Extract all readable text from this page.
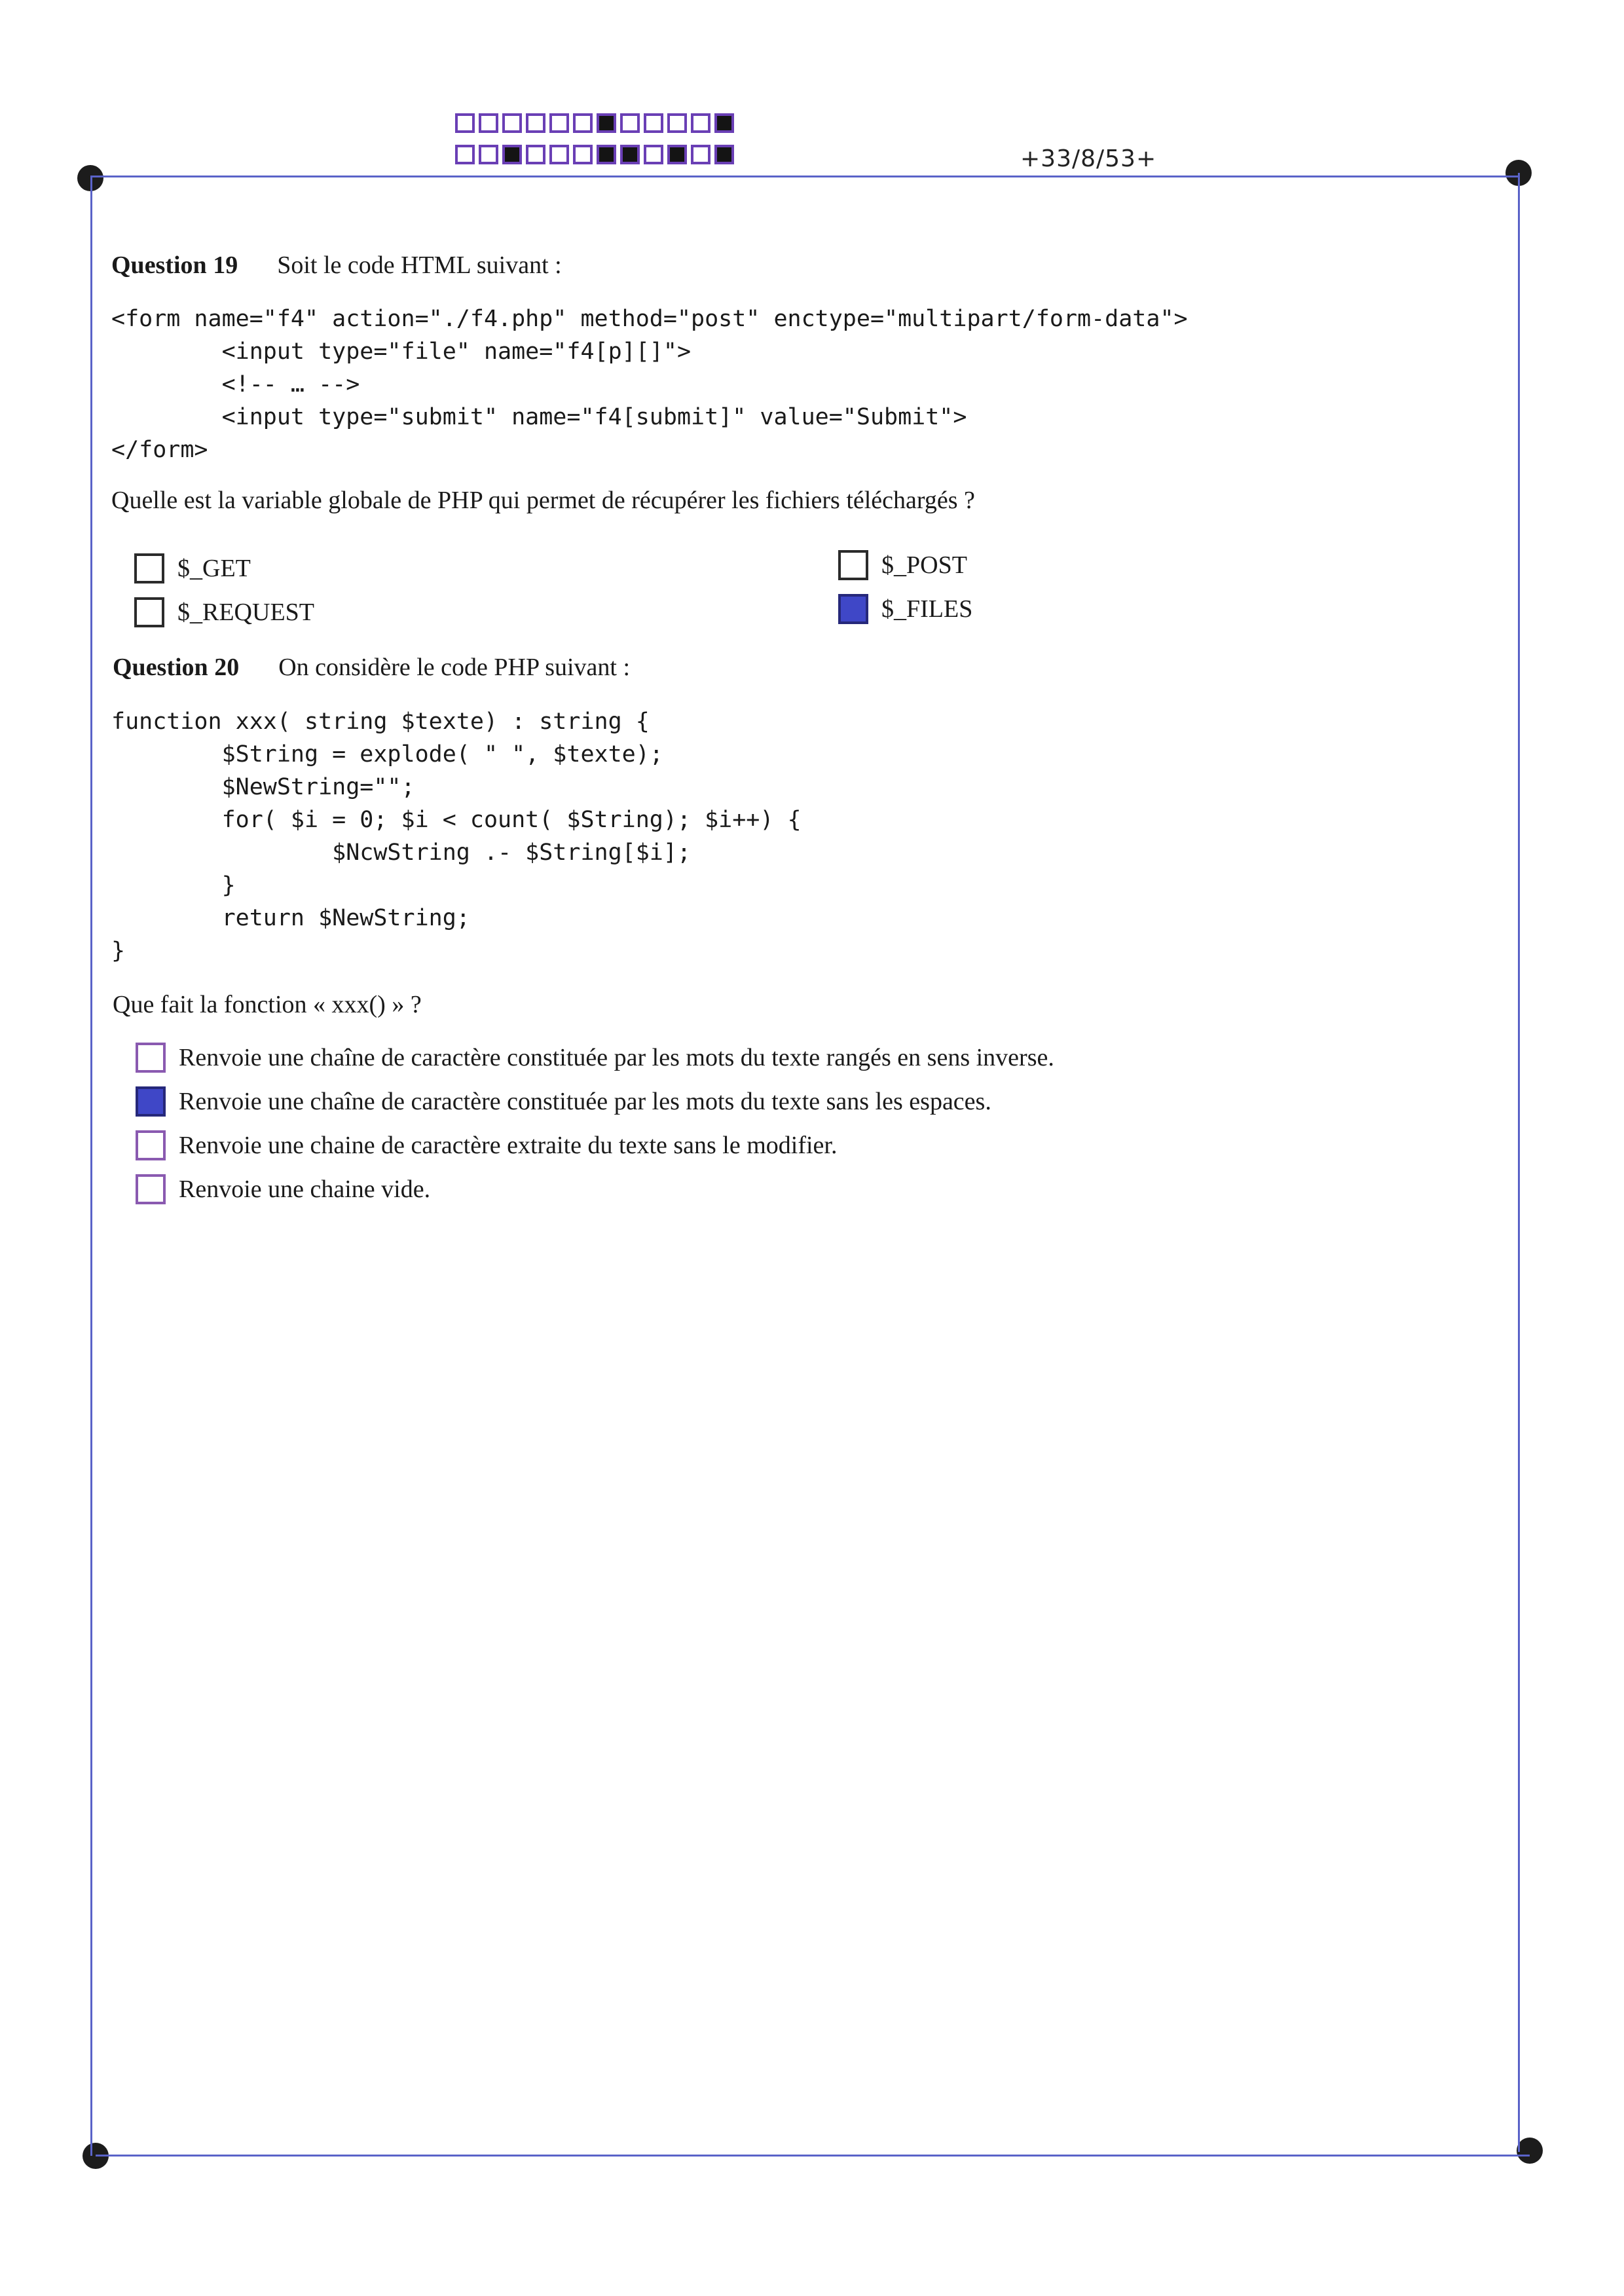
+33/8/53+
Question 19 Soit le code HTML suivant :
<form name="f4" action="./f4.php" method="post" enctype="multipart/form-data">
<input type="file" name="f4[p][]">
<!-- … -->
<input type="submit" name="f4[submit]" value="Submit">
</form>
Quelle est la variable globale de PHP qui permet de récupérer les fichiers téléchargés ?
$_GET	$_POST
$_REQUEST	$_FILES
Question 20 On considère le code PHP suivant :
function xxx( string $texte) : string {
$String = explode( " ", $texte);
$NewString="";
for( $i = 0; $i < count( $String); $i++) {
$NcwString .- $String[$i];
}
return $NewString;
}
Que fait la fonction « xxx() » ?
Renvoie une chaîne de caractère constituée par les mots du texte rangés en sens inverse.
Renvoie une chaîne de caractère constituée par les mots du texte sans les espaces.
Renvoie une chaine de caractère extraite du texte sans le modifier.
Renvoie une chaine vide.
